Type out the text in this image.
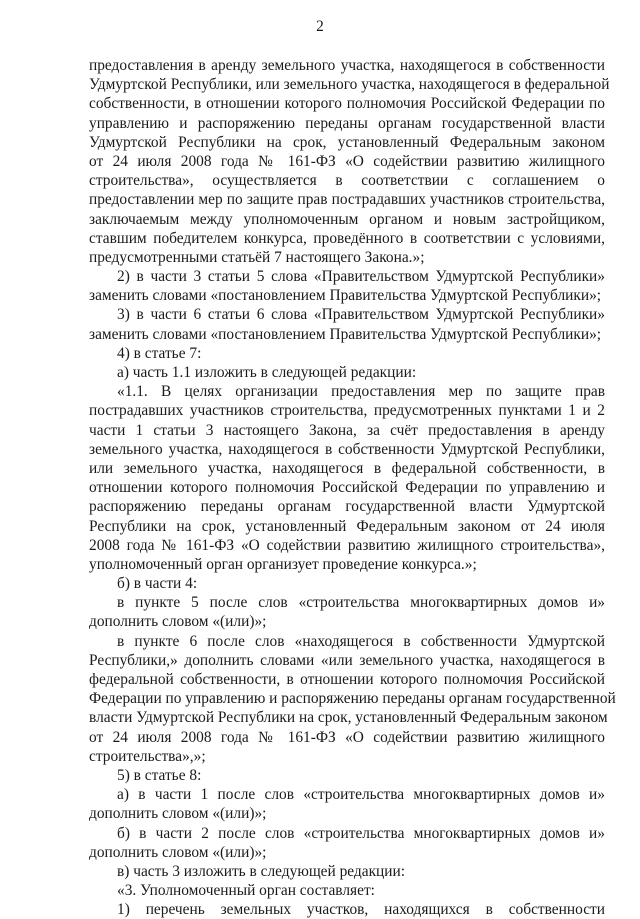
2
предоставления в аренду земельного участка, находящегося в собственности
Удмуртской Республики, или земельного участка, находящегося в федеральной
собственности, в отношении которого полномочия Российской Федерации по
управлению и распоряжению переданы органам государственной власти
Удмуртской Республики на срок, установленный Федеральным законом
от 24 июля 2008 года № 161-ФЗ «О содействии развитию жилищного
строительства», осуществляется в соответствии с соглашением о
предоставлении мер по защите прав пострадавших участников строительства,
заключаемым между уполномоченным органом и новым застройщиком,
ставшим победителем конкурса, проведённого в соответствии с условиями,
предусмотренными статьёй 7 настоящего Закона.»;
2) в части 3 статьи 5 слова «Правительством Удмуртской Республики»
заменить словами «постановлением Правительства Удмуртской Республики»;
3) в части 6 статьи 6 слова «Правительством Удмуртской Республики»
заменить словами «постановлением Правительства Удмуртской Республики»;
4) в статье 7:
а) часть 1.1 изложить в следующей редакции:
«1.1. В целях организации предоставления мер по защите прав
пострадавших участников строительства, предусмотренных пунктами 1 и 2
части 1 статьи 3 настоящего Закона, за счёт предоставления в аренду
земельного участка, находящегося в собственности Удмуртской Республики,
или земельного участка, находящегося в федеральной собственности, в
отношении которого полномочия Российской Федерации по управлению и
распоряжению переданы органам государственной власти Удмуртской
Республики на срок, установленный Федеральным законом от 24 июля
2008 года № 161-ФЗ «О содействии развитию жилищного строительства»,
уполномоченный орган организует проведение конкурса.»;
б) в части 4:
в пункте 5 после слов «строительства многоквартирных домов и»
дополнить словом «(или)»;
в пункте 6 после слов «находящегося в собственности Удмуртской
Республики,» дополнить словами «или земельного участка, находящегося в
федеральной собственности, в отношении которого полномочия Российской
Федерации по управлению и распоряжению переданы органам государственной
власти Удмуртской Республики на срок, установленный Федеральным законом
от 24 июля 2008 года № 161-ФЗ «О содействии развитию жилищного
строительства»,»;
5) в статье 8:
а) в части 1 после слов «строительства многоквартирных домов и»
дополнить словом «(или)»;
б) в части 2 после слов «строительства многоквартирных домов и»
дополнить словом «(или)»;
в) часть 3 изложить в следующей редакции:
«3. Уполномоченный орган составляет:
1) перечень земельных участков, находящихся в собственности
